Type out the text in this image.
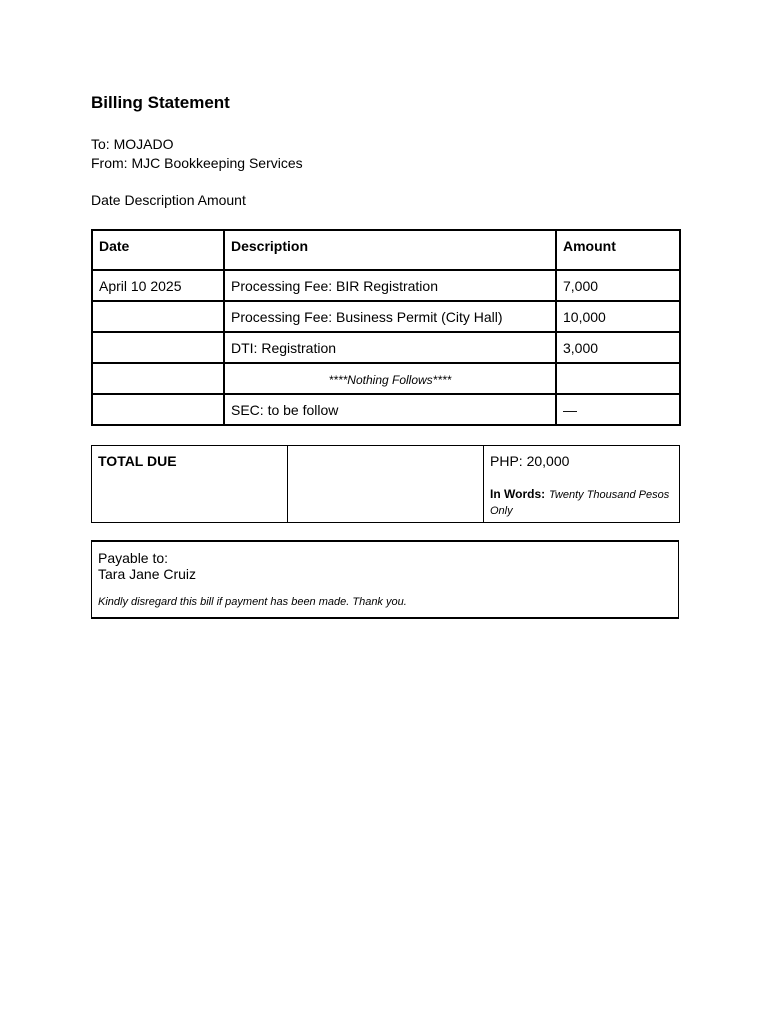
Billing Statement

To: MOJADO

From: MJC Bookkeeping Services

Date Description Amount

Date	Description	Amount
April 10 2025	Processing Fee: BIR Registration	7,000
	Processing Fee: Business Permit (City Hall)	10,000
	DTI: Registration	3,000
	****Nothing Follows****	
	SEC: to be follow	—
TOTAL DUE		PHP: 20,000
In Words: Twenty Thousand Pesos Only
Payable to:
Tara Jane Cruiz
Kindly disregard this bill if payment has been made. Thank you.
